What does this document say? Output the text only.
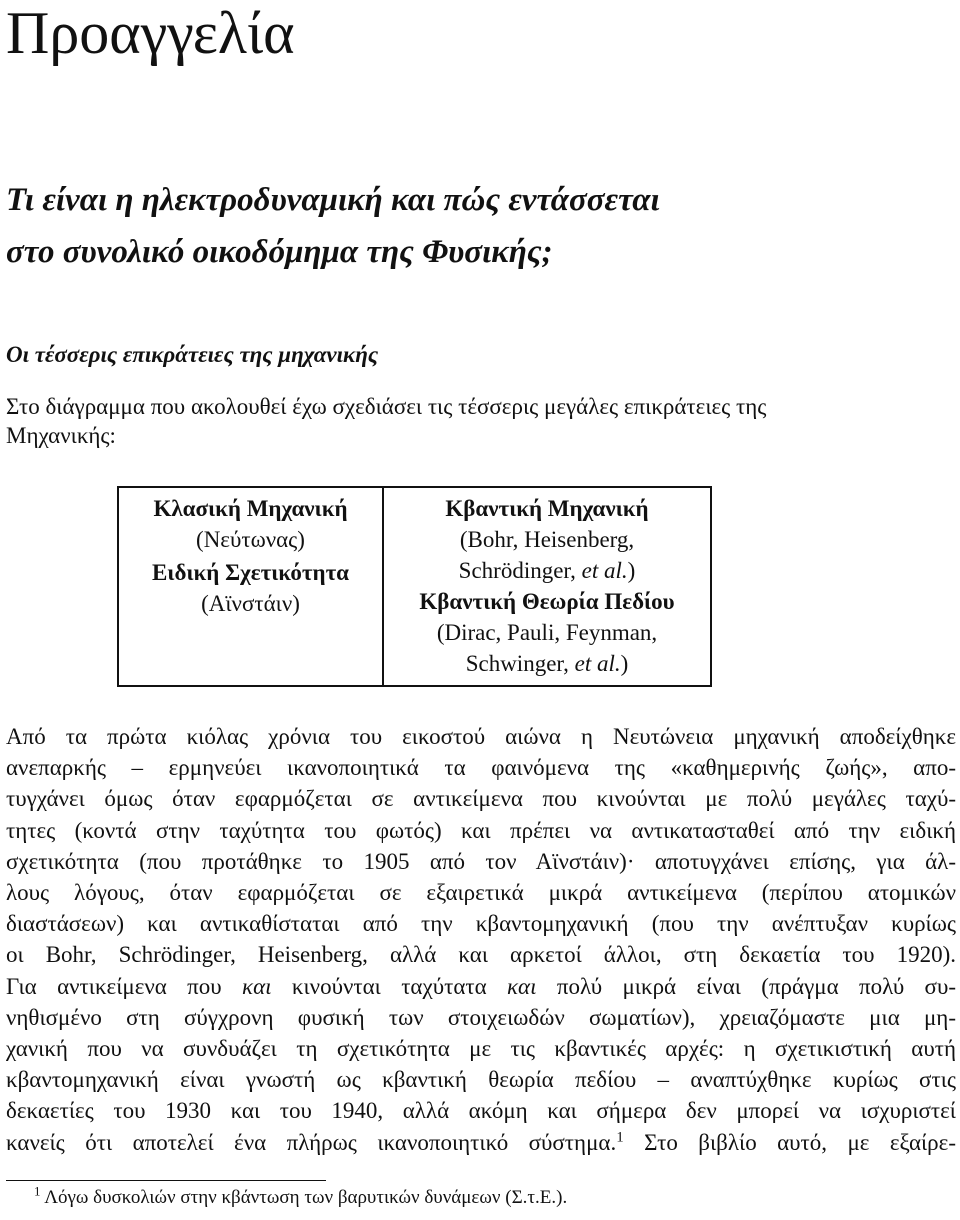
Προαγγελία
Τι είναι η ηλεκτροδυναμική και πώς εντάσσεται
στο συνολικό οικοδόμημα της Φυσικής;
Οι τέσσερις επικράτειες της μηχανικής
Στο διάγραμμα που ακολουθεί έχω σχεδιάσει τις τέσσερις μεγάλες επικράτειες της
Μηχανικής:
Κλασική Μηχανική
(Νεύτωνας)
Ειδική Σχετικότητα
(Αϊνστάιν)
Κβαντική Μηχανική
(Bohr, Heisenberg,
Schrödinger, et al.)
Κβαντική Θεωρία Πεδίου
(Dirac, Pauli, Feynman,
Schwinger, et al.)
Από τα πρώτα κιόλας χρόνια του εικοστού αιώνα η Νευτώνεια μηχανική αποδείχθηκε
ανεπαρκής – ερμηνεύει ικανοποιητικά τα φαινόμενα της «καθημερινής ζωής», απο-
τυγχάνει όμως όταν εφαρμόζεται σε αντικείμενα που κινούνται με πολύ μεγάλες ταχύ-
τητες (κοντά στην ταχύτητα του φωτός) και πρέπει να αντικατασταθεί από την ειδική
σχετικότητα (που προτάθηκε το 1905 από τον Αϊνστάιν)· αποτυγχάνει επίσης, για άλ-
λους λόγους, όταν εφαρμόζεται σε εξαιρετικά μικρά αντικείμενα (περίπου ατομικών
διαστάσεων) και αντικαθίσταται από την κβαντομηχανική (που την ανέπτυξαν κυρίως
οι Bohr, Schrödinger, Heisenberg, αλλά και αρκετοί άλλοι, στη δεκαετία του 1920).
Για αντικείμενα που και κινούνται ταχύτατα και πολύ μικρά είναι (πράγμα πολύ συ-
νηθισμένο στη σύγχρονη φυσική των στοιχειωδών σωματίων), χρειαζόμαστε μια μη-
χανική που να συνδυάζει τη σχετικότητα με τις κβαντικές αρχές: η σχετικιστική αυτή
κβαντομηχανική είναι γνωστή ως κβαντική θεωρία πεδίου – αναπτύχθηκε κυρίως στις
δεκαετίες του 1930 και του 1940, αλλά ακόμη και σήμερα δεν μπορεί να ισχυριστεί
κανείς ότι αποτελεί ένα πλήρως ικανοποιητικό σύστημα.$^1$ Στο βιβλίο αυτό, με εξαίρε-
$^1$ Λόγω δυσκολιών στην κβάντωση των βαρυτικών δυνάμεων (Σ.τ.Ε.).
